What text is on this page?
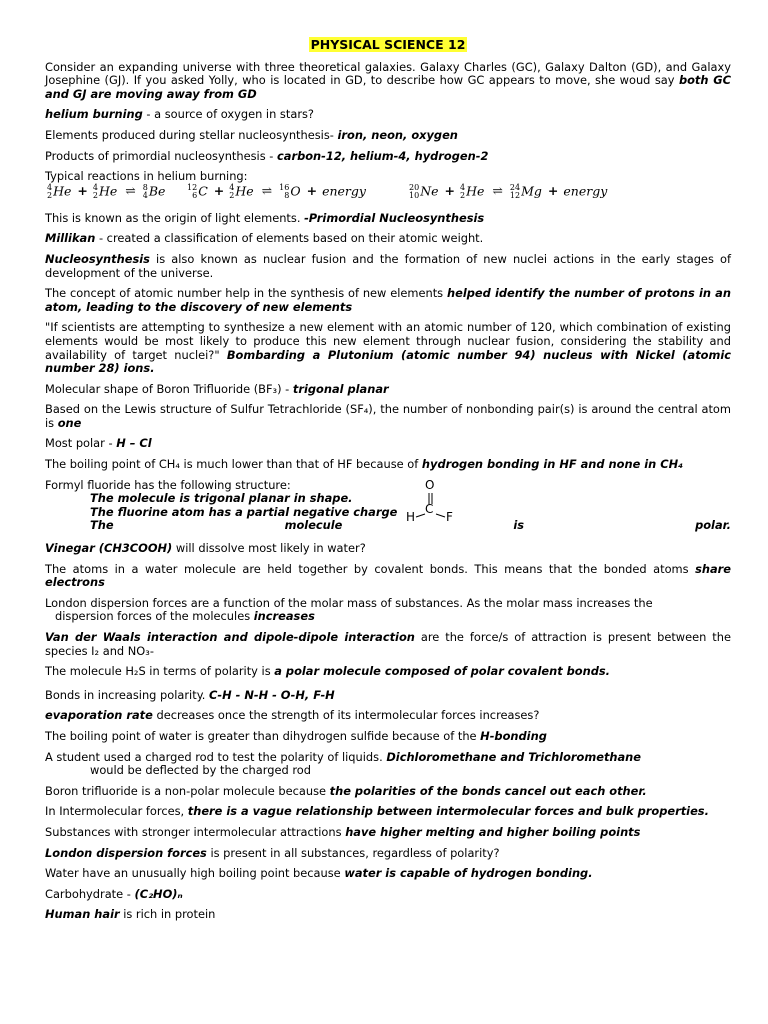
PHYSICAL SCIENCE 12

Consider an expanding universe with three theoretical galaxies. Galaxy Charles (GC), Galaxy Dalton (GD), and Galaxy Josephine (GJ). If you asked Yolly, who is located in GD, to describe how GC appears to move, she woud say both GC and GJ are moving away from GD

helium burning - a source of oxygen in stars?

Elements produced during stellar nucleosynthesis- iron, neon, oxygen

Products of primordial nucleosynthesis - carbon-12, helium-4, hydrogen-2

Typical reactions in helium burning:

4
2 He + 4
2 He ⇌ 8
4 Be	12
6 C + 4
2 He ⇌ 16
8 O + energy	20
10 Ne + 4
2 He ⇌ 24
12 Mg + energy

This is known as the origin of light elements. -Primordial Nucleosynthesis

Millikan - created a classification of elements based on their atomic weight.

Nucleosynthesis is also known as nuclear fusion and the formation of new nuclei actions in the early stages of development of the universe.

The concept of atomic number help in the synthesis of new elements helped identify the number of protons in an atom, leading to the discovery of new elements

"If scientists are attempting to synthesize a new element with an atomic number of 120, which combination of existing elements would be most likely to produce this new element through nuclear fusion, considering the stability and availability of target nuclei?" Bombarding a Plutonium (atomic number 94) nucleus with Nickel (atomic number 28) ions.

Molecular shape of Boron Trifluoride (BF₃) - trigonal planar

Based on the Lewis structure of Sulfur Tetrachloride (SF₄), the number of nonbonding pair(s) is around the central atom is one

Most polar - H – Cl

The boiling point of CH₄ is much lower than that of HF because of hydrogen bonding in HF and none in CH₄

Formyl fluoride has the following structure:
The molecule is trigonal planar in shape.
The fluorine atom has a partial negative charge
The	molecule	is	polar.
O
C
H	F

Vinegar (CH3COOH) will dissolve most likely in water?

The atoms in a water molecule are held together by covalent bonds. This means that the bonded atoms share electrons

London dispersion forces are a function of the molar mass of substances. As the molar mass increases the
dispersion forces of the molecules increases

Van der Waals interaction and dipole-dipole interaction are the force/s of attraction is present between the species I₂ and NO₃-

The molecule H₂S in terms of polarity is a polar molecule composed of polar covalent bonds.

Bonds in increasing polarity. C-H - N-H - O-H, F-H

evaporation rate decreases once the strength of its intermolecular forces increases?

The boiling point of water is greater than dihydrogen sulfide because of the H-bonding

A student used a charged rod to test the polarity of liquids. Dichloromethane and Trichloromethane
would be deflected by the charged rod

Boron trifluoride is a non-polar molecule because the polarities of the bonds cancel out each other.

In Intermolecular forces, there is a vague relationship between intermolecular forces and bulk properties.

Substances with stronger intermolecular attractions have higher melting and higher boiling points

London dispersion forces is present in all substances, regardless of polarity?

Water have an unusually high boiling point because water is capable of hydrogen bonding.

Carbohydrate - (C₂HO)ₙ

Human hair is rich in protein
